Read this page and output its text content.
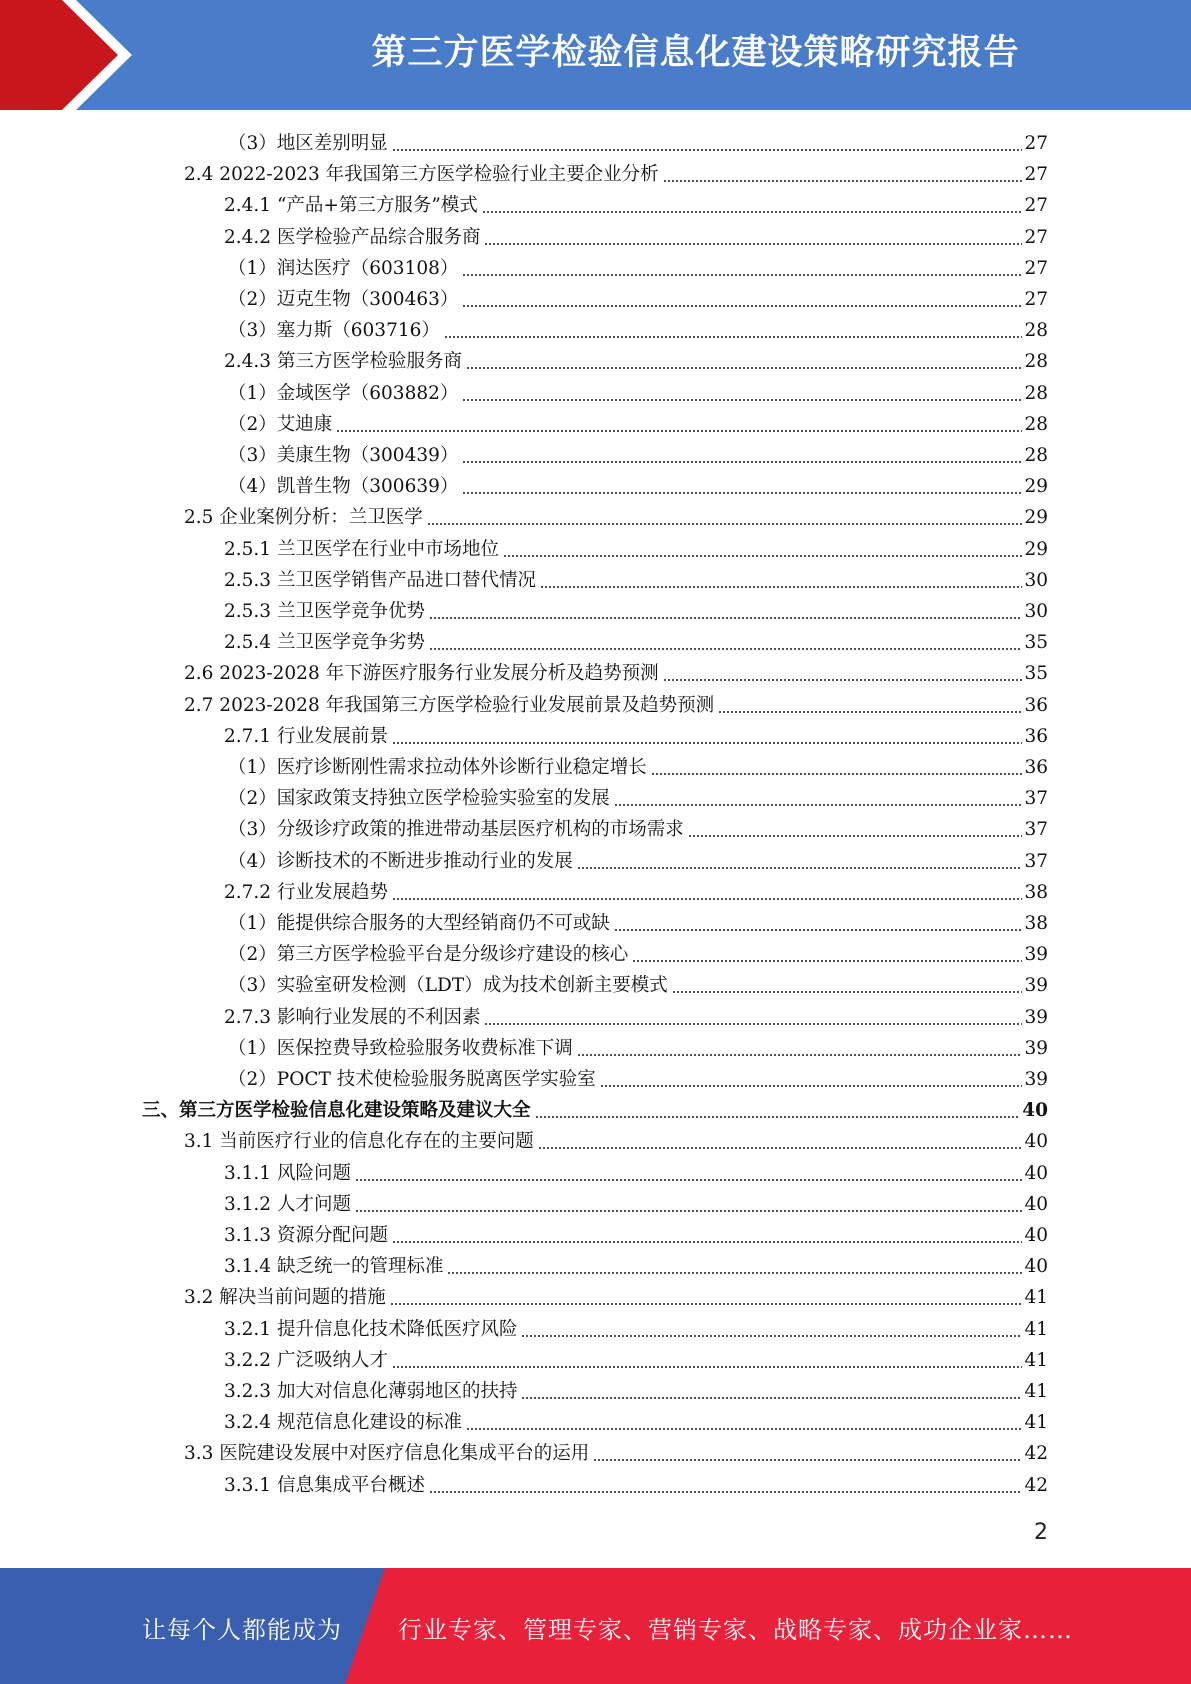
第三方医学检验信息化建设策略研究报告
（3）地区差别明显	27
2.4 2022-2023 年我国第三方医学检验行业主要企业分析	27
2.4.1 “产品+第三方服务”模式	27
2.4.2 医学检验产品综合服务商	27
（1）润达医疗（603108）	27
（2）迈克生物（300463）	27
（3）塞力斯（603716）	28
2.4.3 第三方医学检验服务商	28
（1）金域医学（603882）	28
（2）艾迪康	28
（3）美康生物（300439）	28
（4）凯普生物（300639）	29
2.5 企业案例分析：兰卫医学	29
2.5.1 兰卫医学在行业中市场地位	29
2.5.3 兰卫医学销售产品进口替代情况	30
2.5.3 兰卫医学竞争优势	30
2.5.4 兰卫医学竞争劣势	35
2.6 2023-2028 年下游医疗服务行业发展分析及趋势预测	35
2.7 2023-2028 年我国第三方医学检验行业发展前景及趋势预测	36
2.7.1 行业发展前景	36
（1）医疗诊断刚性需求拉动体外诊断行业稳定增长	36
（2）国家政策支持独立医学检验实验室的发展	37
（3）分级诊疗政策的推进带动基层医疗机构的市场需求	37
（4）诊断技术的不断进步推动行业的发展	37
2.7.2 行业发展趋势	38
（1）能提供综合服务的大型经销商仍不可或缺	38
（2）第三方医学检验平台是分级诊疗建设的核心	39
（3）实验室研发检测（LDT）成为技术创新主要模式	39
2.7.3 影响行业发展的不利因素	39
（1）医保控费导致检验服务收费标准下调	39
（2）POCT 技术使检验服务脱离医学实验室	39
三、第三方医学检验信息化建设策略及建议大全	40
3.1 当前医疗行业的信息化存在的主要问题	40
3.1.1 风险问题	40
3.1.2 人才问题	40
3.1.3 资源分配问题	40
3.1.4 缺乏统一的管理标准	40
3.2 解决当前问题的措施	41
3.2.1 提升信息化技术降低医疗风险	41
3.2.2 广泛吸纳人才	41
3.2.3 加大对信息化薄弱地区的扶持	41
3.2.4 规范信息化建设的标准	41
3.3 医院建设发展中对医疗信息化集成平台的运用	42
3.3.1 信息集成平台概述	42
2
让每个人都能成为 行业专家、管理专家、营销专家、战略专家、成功企业家……
